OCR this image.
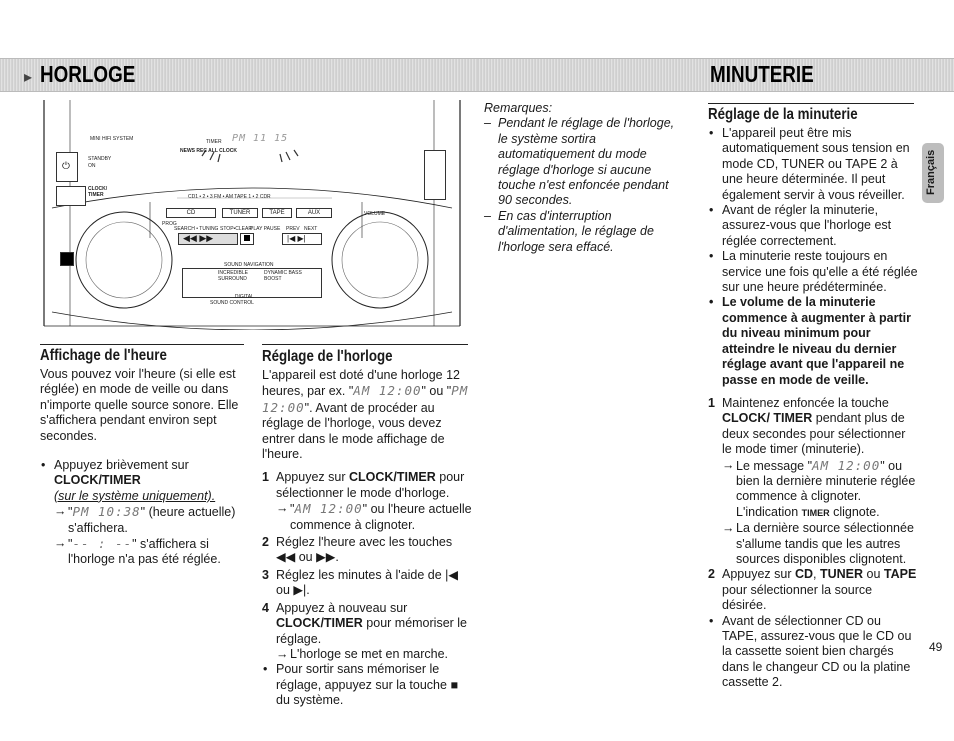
▸ HORLOGE	MINUTERIE
⏻
MINI HIFI SYSTEM	TIMER PM 11 15
NEWS REC ALL CLOCK
STANDBY
ON
CLOCK/
TIMER	CD1 • 2 • 3 FM • AM TAPE 1 • 2 CDR
CD	TUNER	TAPE	AUX
PROG
VOLUME
SEARCH • TUNING STOP•CLEAR
PLAY PAUSE PREV NEXT
◀◀ ▶▶	|◀ ▶|
SOUND NAVIGATION
INCREDIBLE
SURROUND
DYNAMIC BASS
BOOST
DIGITAL
SOUND CONTROL
Affichage de l'heure

Vous pouvez voir l'heure (si elle est réglée) en mode de veille ou dans n'importe quelle source sonore. Elle s'affichera pendant environ sept secondes.

• Appuyez brièvement sur CLOCK/TIMER
(sur le système uniquement).
→ "PM 10:38" (heure actuelle) s'affichera.
→ "-- : --" s'affichera si l'horloge n'a pas été réglée.
Réglage de l'horloge

L'appareil est doté d'une horloge 12 heures, par ex. "AM 12:00" ou "PM 12:00". Avant de procéder au réglage de l'horloge, vous devez entrer dans le mode affichage de l'heure.

1 Appuyez sur CLOCK/TIMER pour sélectionner le mode d'horloge.
→ "AM 12:00" ou l'heure actuelle commence à clignoter.
2 Réglez l'heure avec les touches ◀◀ ou ▶▶.
3 Réglez les minutes à l'aide de |◀ ou ▶|.
4 Appuyez à nouveau sur CLOCK/TIMER pour mémoriser le réglage.
→ L'horloge se met en marche.
• Pour sortir sans mémoriser le réglage, appuyez sur la touche ■ du système.

Remarques:

– Pendant le réglage de l'horloge, le système sortira automatiquement du mode réglage d'horloge si aucune touche n'est enfoncée pendant 90 secondes.
– En cas d'interruption d'alimentation, le réglage de l'horloge sera effacé.
Réglage de la minuterie
• L'appareil peut être mis automatiquement sous tension en mode CD, TUNER ou TAPE 2 à une heure déterminée. Il peut également servir à vous réveiller.
• Avant de régler la minuterie, assurez-vous que l'horloge est réglée correctement.
• La minuterie reste toujours en service une fois qu'elle a été réglée sur une heure prédéterminée.
• Le volume de la minuterie commence à augmenter à partir du niveau minimum pour atteindre le niveau du dernier réglage avant que l'appareil ne passe en mode de veille.
1 Maintenez enfoncée la touche CLOCK/ TIMER pendant plus de deux secondes pour sélectionner le mode timer (minuterie).
→ Le message "AM 12:00" ou bien la dernière minuterie réglée commence à clignoter. L'indication TIMER clignote.
→ La dernière source sélectionnée s'allume tandis que les autres sources disponibles clignotent.
2 Appuyez sur CD, TUNER ou TAPE pour sélectionner la source désirée.
• Avant de sélectionner CD ou TAPE, assurez-vous que le CD ou la cassette soient bien chargés dans le changeur CD ou la platine cassette 2.
Français
49
